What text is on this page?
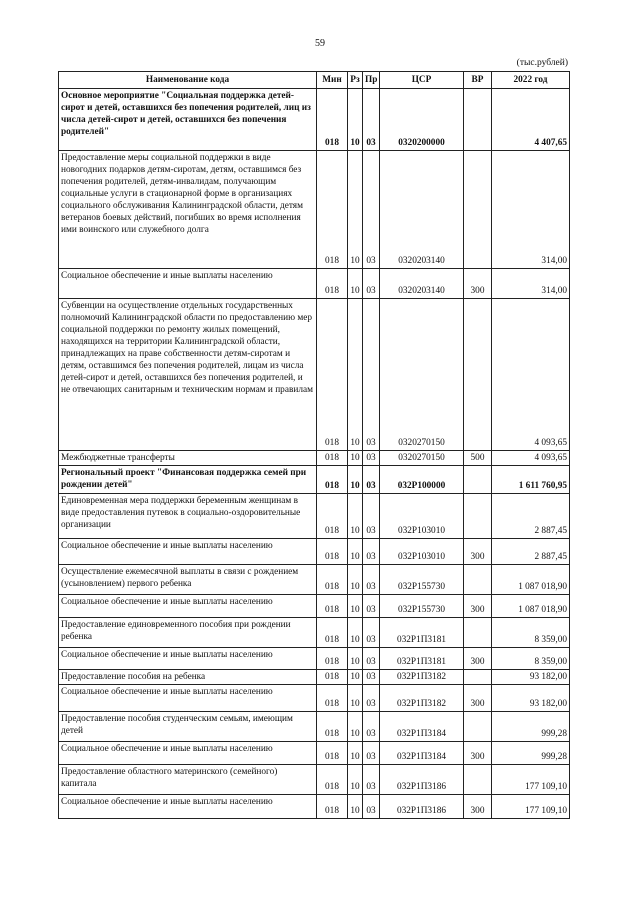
59
(тыс.рублей)
Наименование кода	Мин	Рз	Пр	ЦСР	ВР	2022 год
Основное мероприятие "Социальная поддержка детей-сирот и детей, оставшихся без попечения родителей, лиц из числа детей-сирот и детей, оставшихся без попечения родителей"	018	10	03	0320200000		4 407,65
Предоставление меры социальной поддержки в виде новогодних подарков детям-сиротам, детям, оставшимся без попечения родителей, детям-инвалидам, получающим социальные услуги в стационарной форме в организациях социального обслуживания Калининградской области, детям ветеранов боевых действий, погибших во время исполнения ими воинского или служебного долга	018	10	03	0320203140		314,00
Социальное обеспечение и иные выплаты населению	018	10	03	0320203140	300	314,00
Субвенции на осуществление отдельных государственных полномочий Калининградской области по предоставлению мер социальной поддержки по ремонту жилых помещений, находящихся на территории Калининградской области, принадлежащих на праве собственности детям-сиротам и детям, оставшимся без попечения родителей, лицам из числа детей-сирот и детей, оставшихся без попечения родителей, и не отвечающих санитарным и техническим нормам и правилам	018	10	03	0320270150		4 093,65
Межбюджетные трансферты	018	10	03	0320270150	500	4 093,65
Региональный проект "Финансовая поддержка семей при рождении детей"	018	10	03	032P100000		1 611 760,95
Единовременная мера поддержки беременным женщинам в виде предоставления путевок в социально-оздоровительные организации	018	10	03	032P103010		2 887,45
Социальное обеспечение и иные выплаты населению	018	10	03	032P103010	300	2 887,45
Осуществление ежемесячной выплаты в связи с рождением (усыновлением) первого ребенка	018	10	03	032P155730		1 087 018,90
Социальное обеспечение и иные выплаты населению	018	10	03	032P155730	300	1 087 018,90
Предоставление единовременного пособия при рождении ребенка	018	10	03	032P1П3181		8 359,00
Социальное обеспечение и иные выплаты населению	018	10	03	032P1П3181	300	8 359,00
Предоставление пособия на ребенка	018	10	03	032P1П3182		93 182,00
Социальное обеспечение и иные выплаты населению	018	10	03	032P1П3182	300	93 182,00
Предоставление пособия студенческим семьям, имеющим детей	018	10	03	032P1П3184		999,28
Социальное обеспечение и иные выплаты населению	018	10	03	032P1П3184	300	999,28
Предоставление областного материнского (семейного) капитала	018	10	03	032P1П3186		177 109,10
Социальное обеспечение и иные выплаты населению	018	10	03	032P1П3186	300	177 109,10
